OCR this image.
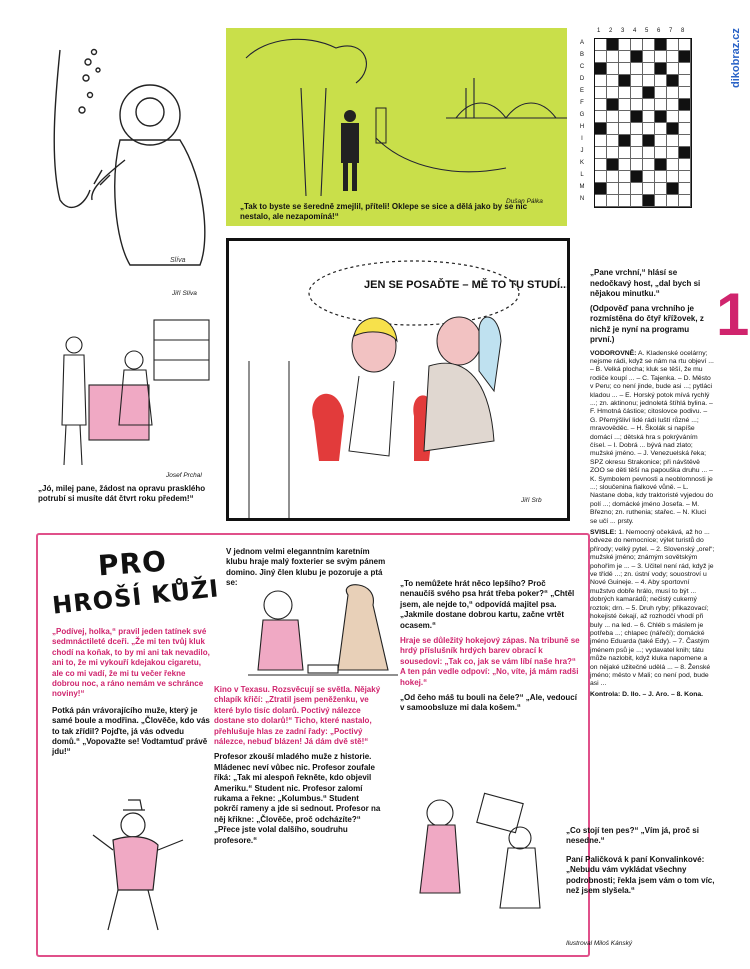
dikobraz.cz
Slíva
Jiří Slíva
Dušan Pálka
„Tak to byste se šeredně zmejlil, příteli! Oklepe se sice a dělá jako by se nic nestalo, ale nezapomíná!“
1 2 3 4 5 6 7 8
A
B
C
D
E
F
G
H
I
J
K
L
M
N

„Pane vrchní,“ hlásí se nedočkavý host, „dal bych si nějakou minutku.“

(Odpověď pana vrchního je rozmístěna do čtyř křížovek, z nichž je nyní na programu první.)

VODOROVNĚ: A. Kladenské ocelárny; nejsme rádi, když se nám na rtu objeví ... – B. Velká plocha; kluk se těší, že mu rodiče koupí ... – C. Tajenka. – D. Město v Peru; co není jinde, bude asi ...; pytláci kladou ... – E. Horský potok mívá rychlý ...; zn. aktinonu; jednoletá štíhlá bylina. – F. Hmotná částice; citoslovce podivu. – G. Přemýšliví lidé rádi luští různé ...; mravověděc. – H. Školák si napíše domácí ...; dětská hra s pokrýváním čísel. – I. Dobrá ... bývá nad zlato; mužské jméno. – J. Venezuelská řeka; SPZ okresu Strakonice; při návštěvě ZOO se děti těší na papouška druhu ... – K. Symbolem pevnosti a neoblomnosti je ...; sloučenina fialkové vůně. – L. Nastane doba, kdy traktoristé vyjedou do polí ...; domácké jméno Josefa. – M. Březno; zn. ruthenia; stařec. – N. Kluci se učí ... prsty.

SVISLE: 1. Nemocný očekává, až ho ... odveze do nemocnice; výlet turistů do přírody; velký pytel. – 2. Slovenský „orel“; mužské jméno; známým sovětským pohořím je ... – 3. Učitel není rád, když je ve třídě ...; zn. ústní vody; souostroví u Nové Guineje. – 4. Aby sportovní mužstvo dobře hrálo, musí to být ... dobrých kamarádů; nečistý cukerný roztok; drn. – 5. Druh ryby; přikazovací; hokejisté čekají, až rozhodčí vhodí při buly ... na led. – 6. Chléb s máslem je potřeba ...; chlapec (nářečí); domácké jméno Eduarda (také Edy). – 7. Častým jménem psů je ...; vydavatel knih; tátu může nazlobit, když kluka napomene a on nějaké užitečné udělá ... – 8. Ženské jméno; město v Mali; co není pod, bude asi ...

Kontrola: D. Ilo. – J. Aro. – 8. Kona.

1
Josef Prchal
„Jó, milej pane, žádost na opravu prasklého potrubí si musíte dát čtvrt roku předem!“
JEN SE POSAĎTE – MĚ TO TU STUDÍ...
Jiří Srb
PRO
HROŠÍ KŮŽI

„Podívej, holka,“ pravil jeden tatínek své sedmnáctileté dceři. „Že mi ten tvůj kluk chodí na koňak, to by mi ani tak nevadilo, ani to, že mi vykouří kdejakou cigaretu, ale co mi vadí, že mi tu večer řekne dobrou noc, a ráno nemám ve schránce noviny!“

Potká pán vrávorajícího muže, který je samé boule a modřina. „Člověče, kdo vás to tak zřídil? Pojďte, já vás odvedu domů.“ „Vopovažte se! Vodtamtuď právě jdu!“

V jednom velmi eleganntním karetním klubu hraje malý foxterier se svým pánem domino. Jiný člen klubu je pozoruje a ptá se:

Kino v Texasu. Rozsvěcují se světla. Nějaký chlapík křičí: „Ztratil jsem peněženku, ve které bylo tisíc dolarů. Poctivý nálezce dostane sto dolarů!“ Ticho, které nastalo, přehlušuje hlas ze zadní řady: „Poctivý nálezce, nebuď blázen! Já dám dvě stě!“

Profesor zkouší mladého muže z historie. Mládenec neví vůbec nic. Profesor zoufale říká: „Tak mi alespoň řekněte, kdo objevil Ameriku.“ Student nic. Profesor zalomí rukama a řekne: „Kolumbus.“ Student pokrčí rameny a jde si sednout. Profesor na něj křikne: „Člověče, proč odcházíte?“ „Přece jste volal dalšího, soudruhu profesore.“

„To nemůžete hrát něco lepšího? Proč nenaučíš svého psa hrát třeba poker?“ „Chtěl jsem, ale nejde to,“ odpovídá majitel psa. „Jakmile dostane dobrou kartu, začne vrtět ocasem.“

Hraje se důležitý hokejový zápas. Na tribuně se hrdý příslušník hrdých barev obrací k sousedovi: „Tak co, jak se vám líbí naše hra?“ A ten pán vedle odpoví: „No, víte, já mám radši hokej.“

„Od čeho máš tu bouli na čele?“ „Ale, vedoucí v samoobsluze mi dala košem.“

„Co stojí ten pes?“ „Vím já, proč si nesedne.“

Paní Paličková k paní Konvalinkové: „Nebudu vám vykládat všechny podrobnosti; řekla jsem vám o tom víc, než jsem slyšela.“

Ilustroval Miloš Kánský
